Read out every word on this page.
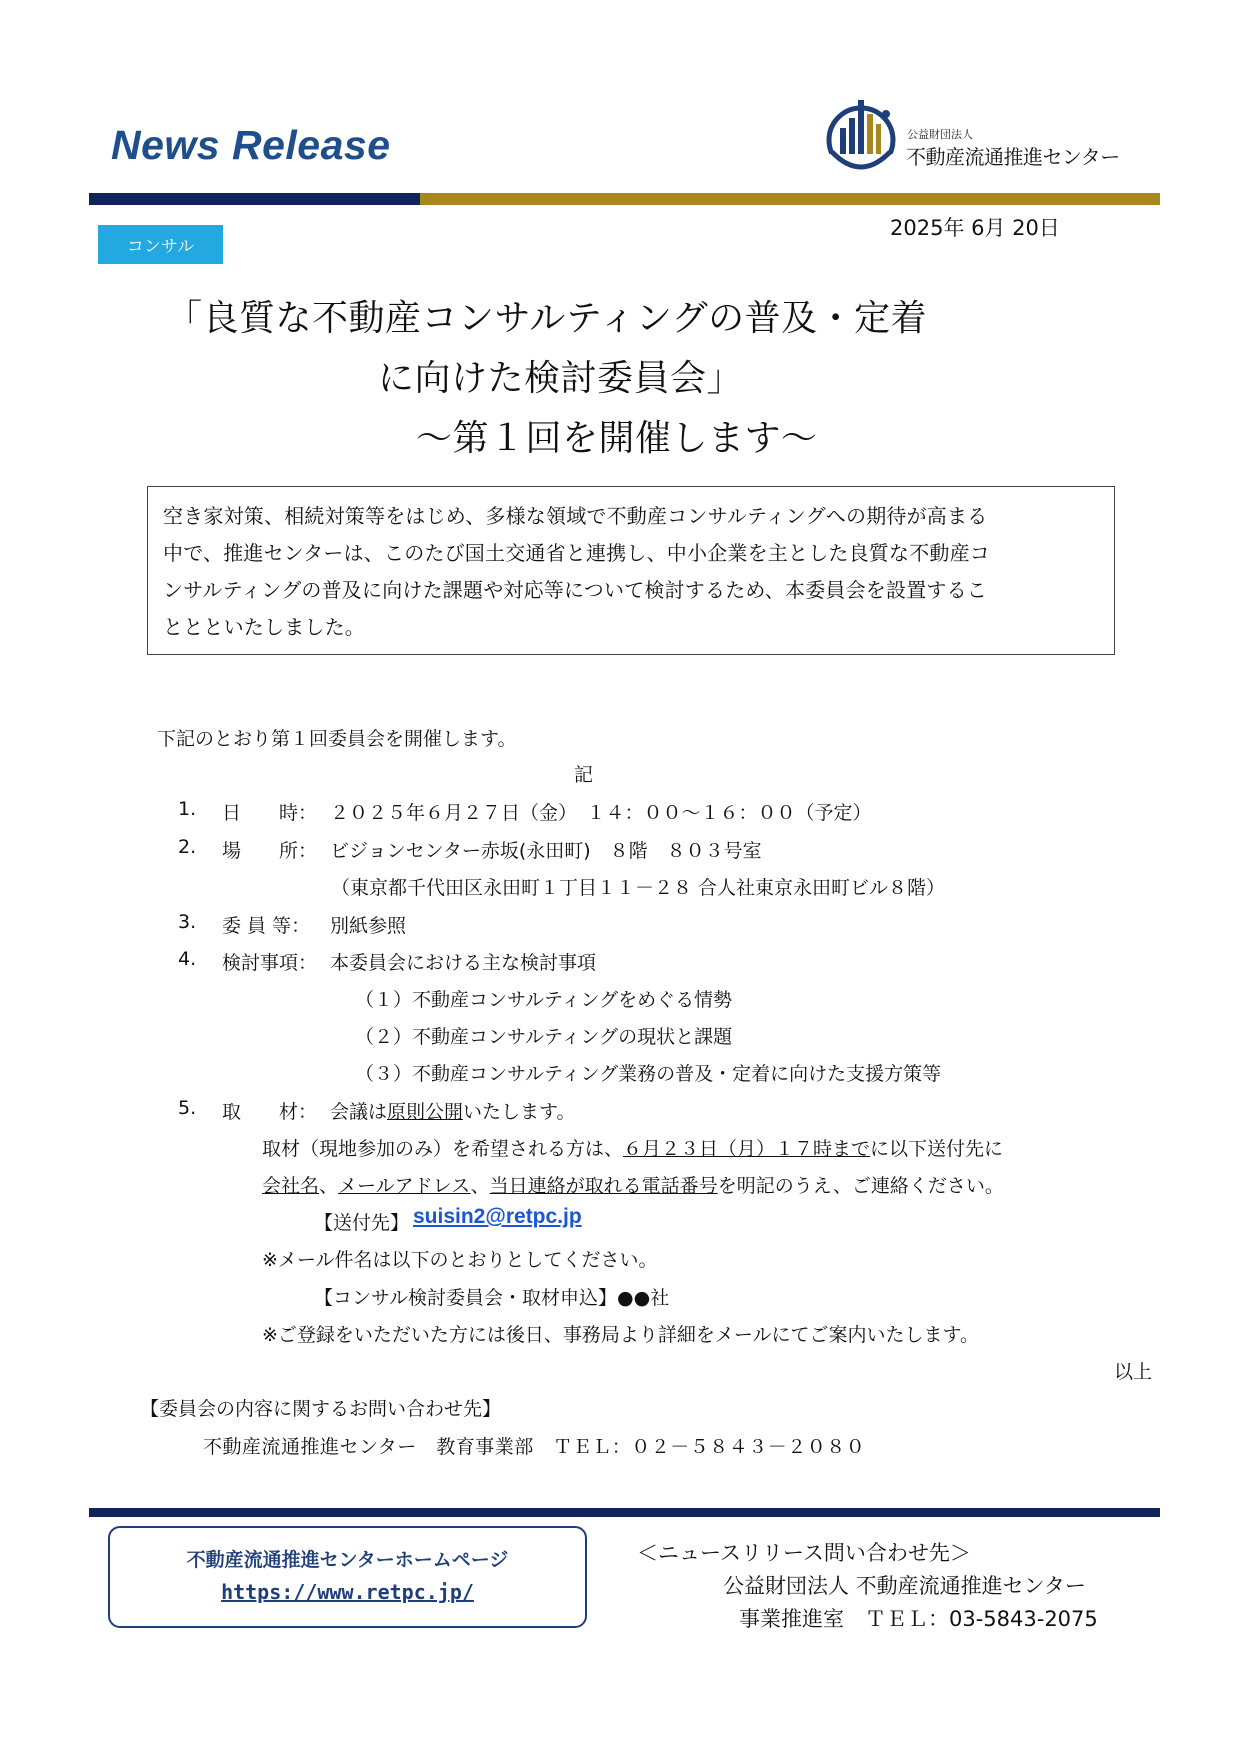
News Release	公益財団法人
不動産流通推進センター
コンサル
2025年 6月 20日
「良質な不動産コンサルティングの普及・定着
に向けた検討委員会」
～第１回を開催します～
空き家対策、相続対策等をはじめ、多様な領域で不動産コンサルティングへの期待が高まる
中で、推進センターは、このたび国土交通省と連携し、中小企業を主とした良質な不動産コ
ンサルティングの普及に向けた課題や対応等について検討するため、本委員会を設置するこ
ととといたしました。
下記のとおり第１回委員会を開催します。
記
1. 日　　時： ２０２５年６月２７日（金）　１４：００～１６：００（予定）
2. 場　　所： ビジョンセンター赤坂(永田町)　８階　８０３号室
（東京都千代田区永田町１丁目１１－２８ 合人社東京永田町ビル８階）
3. 委 員 等： 別紙参照
4. 検討事項： 本委員会における主な検討事項
（１）不動産コンサルティングをめぐる情勢
（２）不動産コンサルティングの現状と課題
（３）不動産コンサルティング業務の普及・定着に向けた支援方策等
5. 取　　材： 会議は原則公開いたします。
取材（現地参加のみ）を希望される方は、６月２３日（月）１７時までに以下送付先に
会社名、メールアドレス、当日連絡が取れる電話番号を明記のうえ、ご連絡ください。
【送付先】 suisin2@retpc.jp
※メール件名は以下のとおりとしてください。
【コンサル検討委員会・取材申込】●●社
※ご登録をいただいた方には後日、事務局より詳細をメールにてご案内いたします。
以上
【委員会の内容に関するお問い合わせ先】
不動産流通推進センター　教育事業部　ＴＥＬ：０２－５８４３－２０８０
不動産流通推進センターホームページ
https://www.retpc.jp/
＜ニュースリリース問い合わせ先＞
公益財団法人 不動産流通推進センター
事業推進室　ＴＥＬ：03-5843-2075
